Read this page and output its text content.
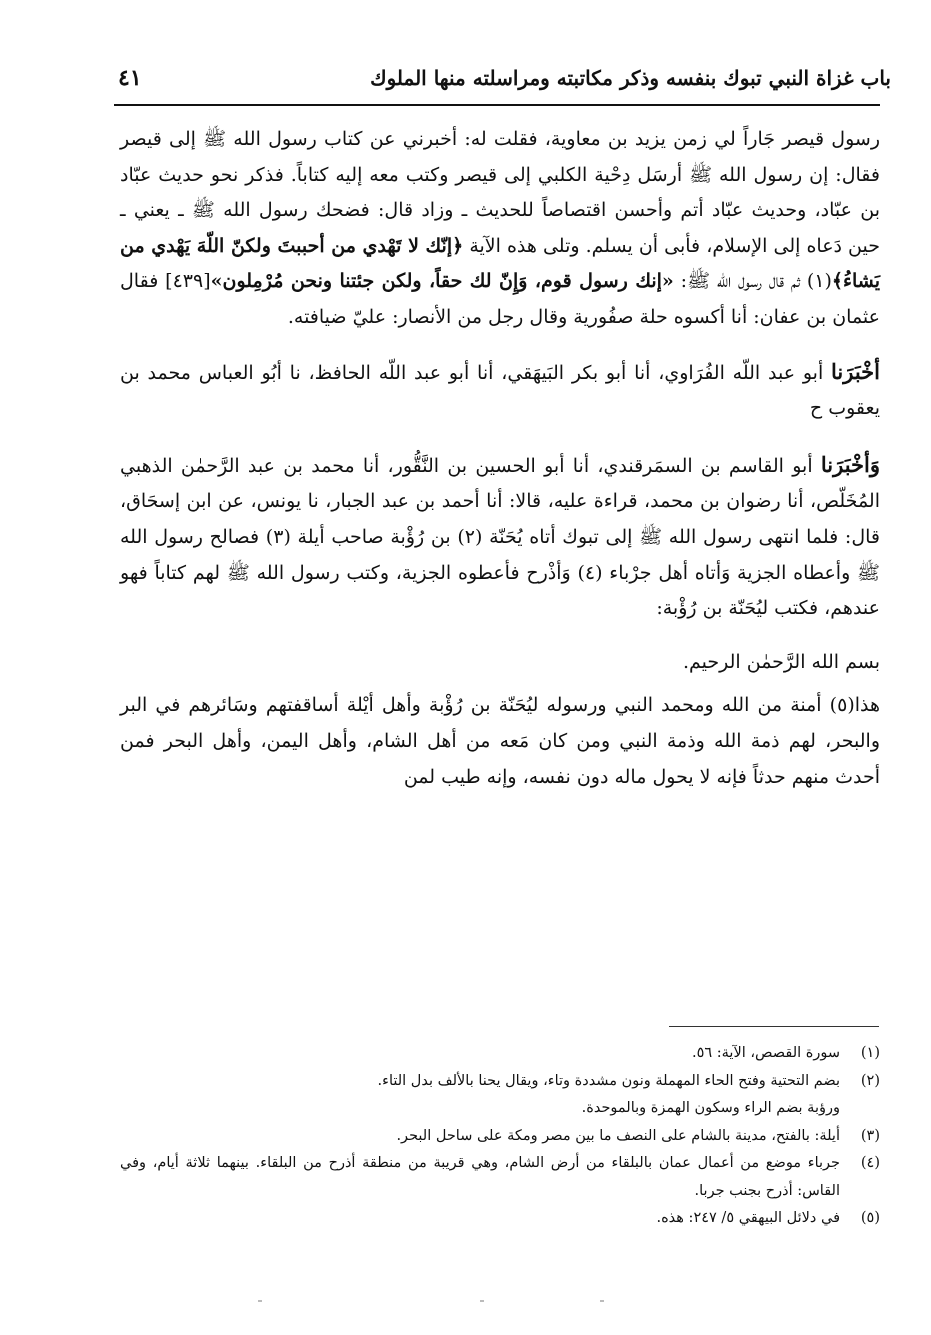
باب غزاة النبي تبوك بنفسه وذكر مكاتبته ومراسلته منها الملوك
٤١

رسول قيصر جَاراً لي زمن يزيد بن معاوية، فقلت له: أخبرني عن كتاب رسول الله ﷺ إلى قيصر فقال: إن رسول الله ﷺ أرسَل دِحْية الكلبي إلى قيصر وكتب معه إليه كتاباً. فذكر نحو حديث عبّاد بن عبّاد، وحديث عبّاد أتم وأحسن اقتصاصاً للحديث ـ وزاد قال: فضحك رسول الله ﷺ ـ يعني ـ حين دَعاه إلى الإسلام، فأبى أن يسلم. وتلى هذه الآية ﴿إنّك لا تَهْدي من أحببتَ ولكنّ اللّهَ يَهْدي من يَشاءُ﴾(١) ثم قال رسول الله ﷺ: «إنك رسول قوم، وَإِنّ لك حقاً، ولكن جئتنا ونحن مُرْمِلون»[٤٣٩] فقال عثمان بن عفان: أنا أكسوه حلة صفُورية وقال رجل من الأنصار: عليّ ضيافته.

أخْبَرَنا أبو عبد اللّه الفُرَاوي، أنا أبو بكر البَيهَقي، أنا أبو عبد اللّه الحافظ، نا أبُو العباس محمد بن يعقوب ح

وَأخْبَرَنا أبو القاسم بن السمَرقندي، أنا أبو الحسين بن النَّقُّور، أنا محمد بن عبد الرَّحمٰن الذهبي المُخَلّص، أنا رضوان بن محمد، قراءة عليه، قالا: أنا أحمد بن عبد الجبار، نا يونس، عن ابن إسحَاق، قال: فلما انتهى رسول الله ﷺ إلى تبوك أتاه يُحَنّة (٢) بن رُؤْبة صاحب أيلة (٣) فصالح رسول الله ﷺ وأعطاه الجزية وَأتاه أهل جرْباء (٤) وَأذْرح فأعطوه الجزية، وكتب رسول الله ﷺ لهم كتاباً فهو عندهم، فكتب ليُحَنّة بن رُؤْبة:

بسم الله الرَّحمٰن الرحيم.

هذا(٥) أمنة من الله ومحمد النبي ورسوله ليُحَنّة بن رُؤْبة وأهل أيْلة أساقفتهم وسَائرهم في البر والبحر، لهم ذمة الله وذمة النبي ومن كان مَعه من أهل الشام، وأهل اليمن، وأهل البحر فمن أحدث منهم حدثاً فإنه لا يحول ماله دون نفسه، وإنه طيب لمن

(١)
سورة القصص، الآية: ٥٦.
(٢)
بضم التحتية وفتح الحاء المهملة ونون مشددة وتاء، ويقال يحنا بالألف بدل التاء.
ورؤبة بضم الراء وسكون الهمزة وبالموحدة.
(٣)
أيلة: بالفتح، مدينة بالشام على النصف ما بين مصر ومكة على ساحل البحر.
(٤)
جرباء موضع من أعمال عمان بالبلقاء من أرض الشام، وهي قريبة من منطقة أذرح من البلقاء. بينهما ثلاثة أيام، وفي القاس: أذرح بجنب جربا.
(٥)
في دلائل البيهقي ٥/ ٢٤٧: هذه.
